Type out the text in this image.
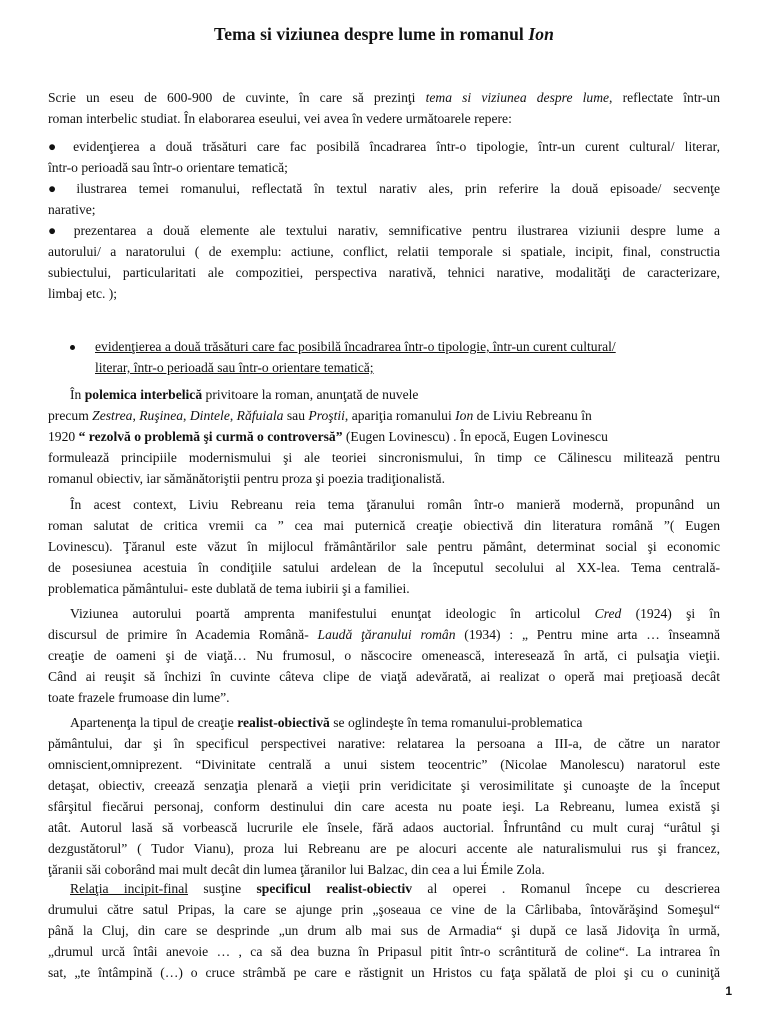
Tema si viziunea despre lume in romanul Ion
Scrie un eseu de 600-900 de cuvinte, în care să prezinţi tema si viziunea despre lume, reflectate într-un
roman interbelic studiat. În elaborarea eseului, vei avea în vedere următoarele repere:
● evidenţierea a două trăsături care fac posibilă încadrarea într-o tipologie, într-un curent cultural/ literar,
într-o perioadă sau într-o orientare tematică;
● ilustrarea temei romanului, reflectată în textul narativ ales, prin referire la două episoade/ secvenţe
narative;
● prezentarea a două elemente ale textului narativ, semnificative pentru ilustrarea viziunii despre lume a
autorului/ a naratorului ( de exemplu: actiune, conflict, relatii temporale si spatiale, incipit, final, constructia
subiectului, particularitati ale compozitiei, perspectiva narativă, tehnici narative, modalităţi de caracterizare,
limbaj etc. );
evidenţierea a două trăsături care fac posibilă încadrarea într-o tipologie, într-un curent cultural/
literar, într-o perioadă sau într-o orientare tematică;
În polemica interbelică privitoare la roman, anunţată de nuvele
precum Zestrea, Ruşinea, Dintele, Răfuiala sau Proştii, apariţia romanului Ion de Liviu Rebreanu în
1920 “ rezolvă o problemă şi curmă o controversă” (Eugen Lovinescu) . În epocă, Eugen Lovinescu
formulează principiile modernismului şi ale teoriei sincronismului, în timp ce Călinescu militează pentru
romanul obiectiv, iar sămănătoriştii pentru proza şi poezia tradiţionalistă.
În acest context, Liviu Rebreanu reia tema ţăranului român într-o manieră modernă, propunând un
roman salutat de critica vremii ca ” cea mai puternică creaţie obiectivă din literatura română ”( Eugen
Lovinescu). Ţăranul este văzut în mijlocul frământărilor sale pentru pământ, determinat social şi economic
de posesiunea acestuia în condiţiile satului ardelean de la începutul secolului al XX-lea. Tema centrală-
problematica pământului- este dublată de tema iubirii şi a familiei.
Viziunea autorului poartă amprenta manifestului enunţat ideologic în articolul Cred (1924) şi în
discursul de primire în Academia Română- Laudă ţăranului român (1934) : „ Pentru mine arta … înseamnă
creaţie de oameni şi de viaţă… Nu frumosul, o născocire omenească, interesează în artă, ci pulsaţia vieţii.
Când ai reuşit să închizi în cuvinte câteva clipe de viaţă adevărată, ai realizat o operă mai preţioasă decât
toate frazele frumoase din lume”.
Apartenenţa la tipul de creaţie realist-obiectivă se oglindeşte în tema romanului-problematica
pământului, dar şi în specificul perspectivei narative: relatarea la persoana a III-a, de către un narator
omniscient,omniprezent. “Divinitate centrală a unui sistem teocentric” (Nicolae Manolescu) naratorul este
detaşat, obiectiv, creează senzaţia plenară a vieţii prin veridicitate şi verosimilitate şi cunoaşte de la început
sfârşitul fiecărui personaj, conform destinului din care acesta nu poate ieşi. La Rebreanu, lumea există şi
atât. Autorul lasă să vorbească lucrurile ele însele, fără adaos auctorial. Înfruntând cu mult curaj “urâtul şi
dezgustătorul” ( Tudor Vianu), proza lui Rebreanu are pe alocuri accente ale naturalismului rus şi francez,
ţăranii săi coborând mai mult decât din lumea ţăranilor lui Balzac, din cea a lui Émile Zola.
Relaţia incipit-final susţine specificul realist-obiectiv al operei . Romanul începe cu descrierea
drumului către satul Pripas, la care se ajunge prin „şoseaua ce vine de la Cârlibaba, întovărăşind Someşul“
până la Cluj, din care se desprinde „un drum alb mai sus de Armadia“ şi după ce lasă Jidoviţa în urmă,
„drumul urcă întâi anevoie … , ca să dea buzna în Pripasul pitit într-o scrântitură de coline“. La intrarea în
sat, „te întâmpină (…) o cruce strâmbă pe care e răstignit un Hristos cu faţa spălată de ploi şi cu o cuniniţă
1
